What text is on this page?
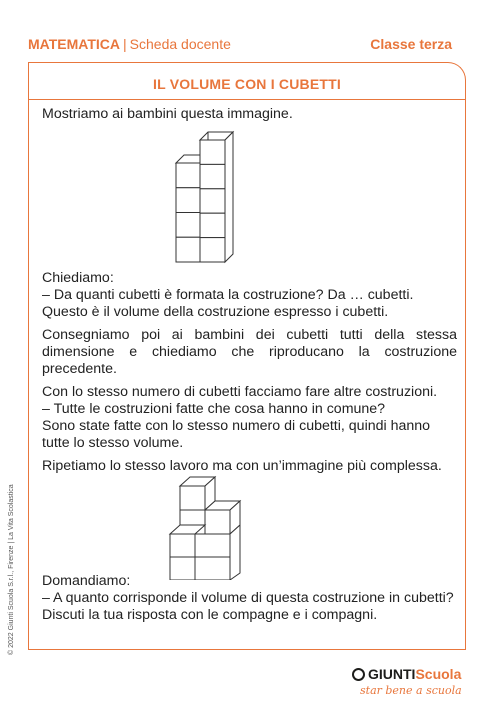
MATEMATICA | Scheda docente	Classe terza
IL VOLUME CON I CUBETTI

Mostriamo ai bambini questa immagine.

Chiediamo:

– Da quanti cubetti è formata la costruzione? Da … cubetti.

Questo è il volume della costruzione espresso i cubetti.

Consegniamo poi ai bambini dei cubetti tutti della stessa dimensione e chiediamo che riproducano la costruzione precedente.

Con lo stesso numero di cubetti facciamo fare altre costruzioni.

– Tutte le costruzioni fatte che cosa hanno in comune?

Sono state fatte con lo stesso numero di cubetti, quindi hanno tutte lo stesso volume.

Ripetiamo lo stesso lavoro ma con un’immagine più complessa.

Domandiamo:

– A quanto corrisponde il volume di questa costruzione in cubetti?

Discuti la tua risposta con le compagne e i compagni.

© 2022 Giunti Scuola S.r.l., Firenze | La Vita Scolastica
GIUNTIScuola
star bene a scuola
